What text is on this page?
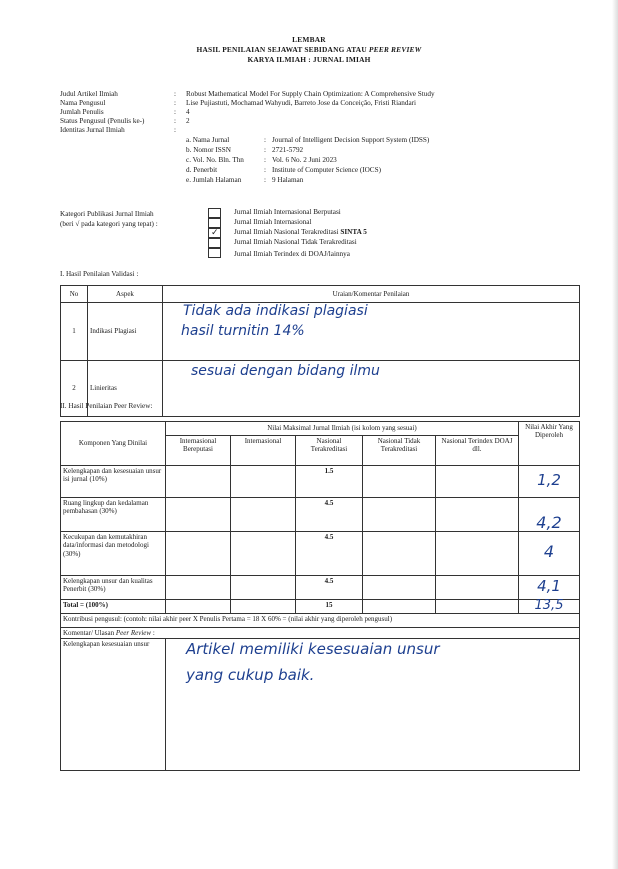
LEMBAR
HASIL PENILAIAN SEJAWAT SEBIDANG ATAU PEER REVIEW
KARYA ILMIAH : JURNAL IMIAH
Judul Artikel Ilmiah	: Robust Mathematical Model For Supply Chain Optimization: A Comprehensive Study
Nama Pengusul	: Lise Pujiastuti, Mochamad Wahyudi, Barreto Jose da Conceição, Fristi Riandari
Jumlah Penulis	: 4
Status Pengusul (Penulis ke-)	: 2
Identitas Jurnal Ilmiah	:
a. Nama Jurnal	: Journal of Intelligent Decision Support System (IDSS)
b. Nomor ISSN	: 2721-5792
c. Vol. No. Bln. Thn	: Vol. 6 No. 2 Juni 2023
d. Penerbit	: Institute of Computer Science (IOCS)
e. Jumlah Halaman	: 9 Halaman
Kategori Publikasi Jurnal Ilmiah
(beri √ pada kategori yang tepat) :
Jurnal Ilmiah Internasional Berputasi
Jurnal Ilmiah Internasional
✓ Jurnal Ilmiah Nasional Terakreditasi SINTA 5
Jurnal Ilmiah Nasional Tidak Terakreditasi
Jurnal Ilmiah Terindex di DOAJ/lainnya
I. Hasil Penilaian Validasi :
No	Aspek	Uraian/Komentar Penilaian
1	Indikasi Plagiasi	Tidak ada indikasi plagiasi
hasil turnitin 14%

2	Linieritas	sesuai dengan bidang ilmu
II. Hasil Penilaian Peer Review:
Komponen Yang Dinilai	Nilai Maksimal Jurnal Ilmiah (isi kolom yang sesuai)					Nilai Akhir Yang Diperoleh
	Internasional Bereputasi	Internasional	Nasional Terakreditasi	Nasional Tidak Terakreditasi	Nasional Terindex DOAJ dll.	
Kelengkapan dan kesesuaian unsur isi jurnal (10%)			1.5			1,2
Ruang lingkup dan kedalaman pembahasan (30%)			4.5			4,2
Kecukupan dan kemutakhiran data/informasi dan metodologi (30%)			4.5			4
Kelengkapan unsur dan kualitas Penerbit (30%)			4.5			4,1
Total = (100%)			15			13,5
Kontribusi pengusul: (contoh: nilai akhir peer X Penulis Pertama = 18 X 60% = (nilai akhir yang diperoleh pengusul)						
Komentar/ Ulasan Peer Review :						
Kelengkapan kesesuaian unsur	Artikel memiliki kesesuaian unsur
yang cukup baik.					
